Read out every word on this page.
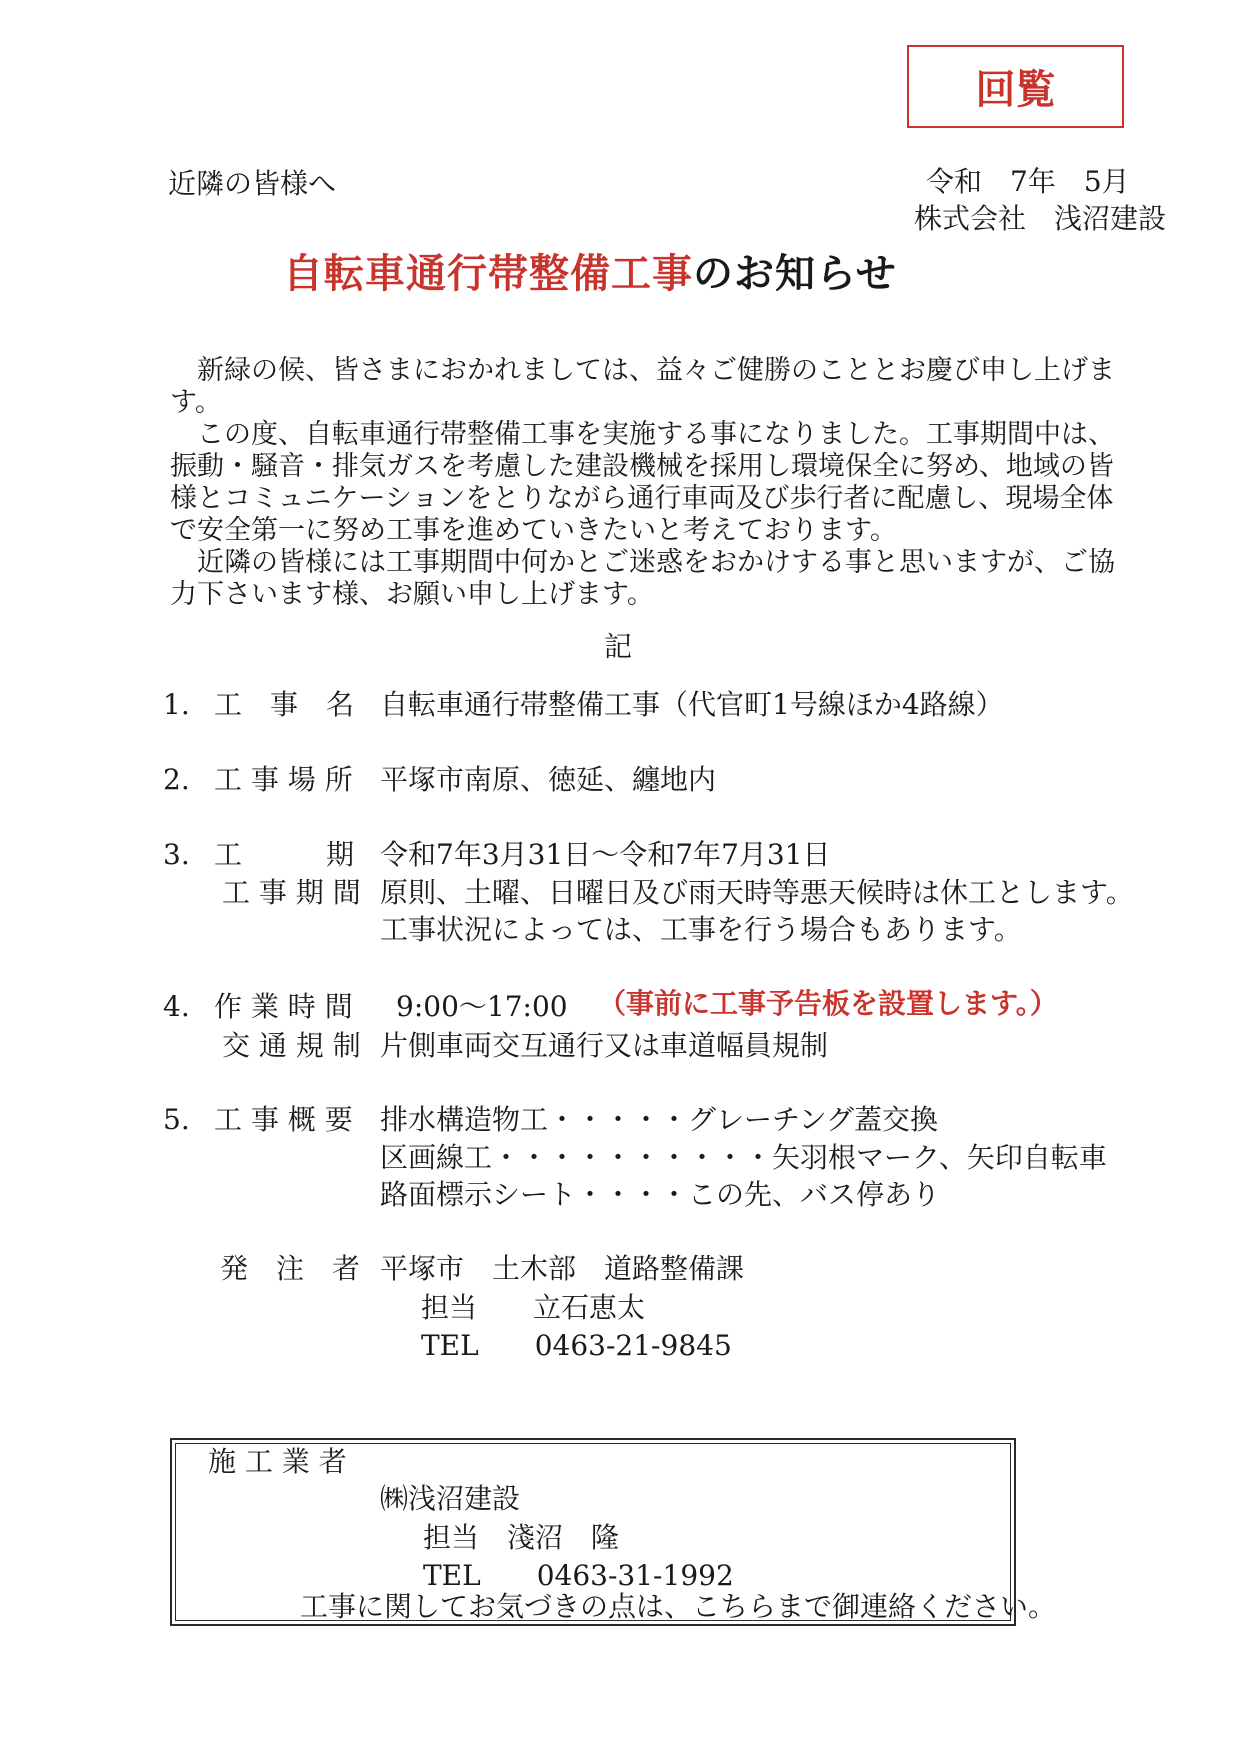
回覧
近隣の皆様へ	令和　7年　5月
株式会社　浅沼建設
自転車通行帯整備工事のお知らせ
新緑の候、皆さまにおかれましては、益々ご健勝のこととお慶び申し上げます。
この度、自転車通行帯整備工事を実施する事になりました。工事期間中は、振動・騒音・排気ガスを考慮した建設機械を採用し環境保全に努め、地域の皆様とコミュニケーションをとりながら通行車両及び歩行者に配慮し、現場全体で安全第一に努め工事を進めていきたいと考えております。
近隣の皆様には工事期間中何かとご迷惑をおかけする事と思いますが、ご協力下さいます様、お願い申し上げます。
記
1. 工　事　名 自転車通行帯整備工事（代官町1号線ほか4路線）
2. 工 事 場 所 平塚市南原、徳延、纏地内
3. 工　　　期 令和7年3月31日～令和7年7月31日
工 事 期 間 原則、土曜、日曜日及び雨天時等悪天候時は休工とします。
工事状況によっては、工事を行う場合もあります。
4. 作 業 時 間 9:00～17:00 （事前に工事予告板を設置します。）
交 通 規 制 片側車両交互通行又は車道幅員規制
5. 工 事 概 要 排水構造物工・・・・・グレーチング蓋交換
区画線工・・・・・・・・・・矢羽根マーク、矢印自転車
路面標示シート・・・・この先、バス停あり
発　注　者 平塚市　土木部　道路整備課
担当　　立石恵太
TEL　　0463-21-9845
施 工 業 者
㈱浅沼建設
担当　淺沼　隆
TEL　　0463-31-1992
工事に関してお気づきの点は、こちらまで御連絡ください。
